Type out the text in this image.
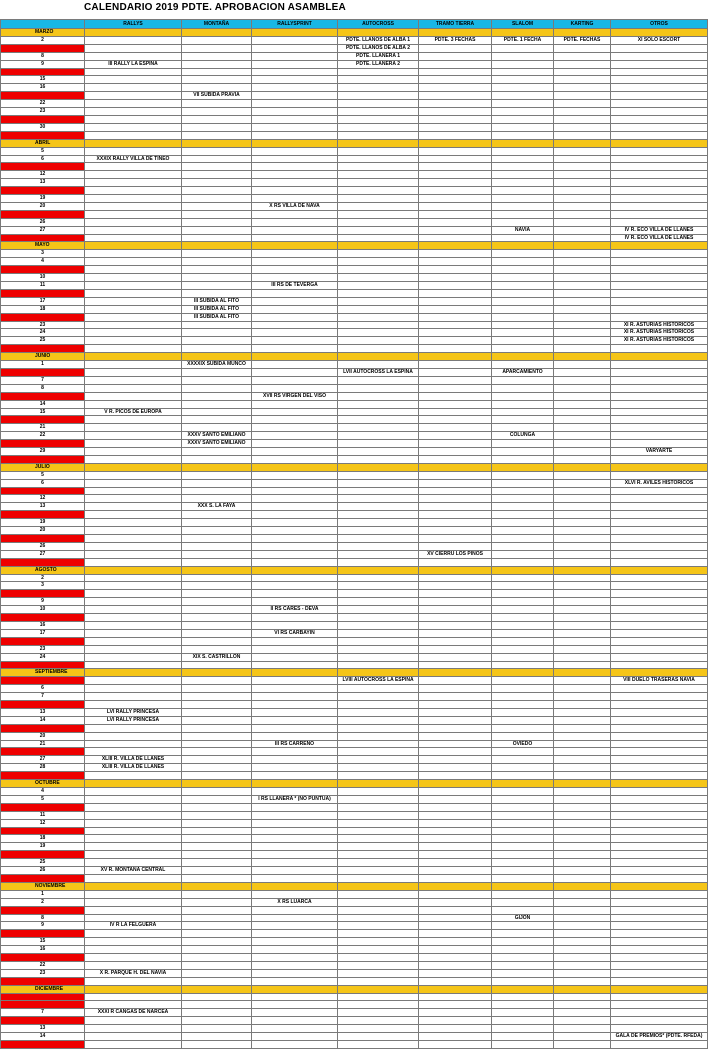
CALENDARIO 2019 PDTE. APROBACION ASAMBLEA
	RALLYS	MONTAÑA	RALLYSPRINT	AUTOCROSS	TRAMO TIERRA	SLALOM	KARTING	OTROS
MARZO								
2				PDTE. LLANOS DE ALBA 1	PDTE. 3 FECHAS	PDTE. 1 FECHA	PDTE. FECHAS	XI SOLO ESCORT
3				PDTE. LLANOS DE ALBA 2				
8				PDTE. LLANERA 1				
9	III RALLY LA ESPINA			PDTE. LLANERA 2				
10								
15								
16								
17		VII SUBIDA PRAVIA						
22								
23								
24								
30								
31								
ABRIL								
5								
6	XXXIX RALLY VILLA DE TINEO							
7								
12								
13								
14								
19								
20			X RS VILLA DE NAVA					
21								
26								
27						NAVIA		IV R. ECO VILLA DE LLANES
28								IV R. ECO VILLA DE LLANES
MAYO								
3								
4								
5								
10								
11			III RS DE TEVERGA					
12								
17		III SUBIDA AL FITO						
18		III SUBIDA AL FITO						
19		III SUBIDA AL FITO						
23								XI R. ASTURIAS HISTORICOS
24								XI R. ASTURIAS HISTORICOS
25								XI R. ASTURIAS HISTORICOS
26								
JUNIO								
1		XXXXIX SUBIDA MUNCO						
2				LVII AUTOCROSS LA ESPINA		APARCAMIENTO		
7								
8								
9			XVII RS VIRGEN DEL VISO					
14								
15	V R. PICOS DE EUROPA							
16								
21								
22		XXXV SANTO EMILIANO				COLUNGA		
23		XXXV SANTO EMILIANO						
29								VARYARTE
30								
JULIO								
5								
6								XLVI R. AVILES HISTORICOS
7								
12								
13		XXX S. LA FAYA						
14								
19								
20								
21								
26								
27					XV CIERRU LOS PINOS			
28								
AGOSTO								
2								
3								
4								
9								
10			II RS CARES - DEVA					
11								
16								
17			VI RS CARBAYIN					
18								
23								
24		XIX S. CASTRILLON						
25								
SEPTIEMBRE								
1				LVIII AUTOCROSS LA ESPINA				VIII DUELO TRASERAS NAVIA
6								
7								
8								
13	LVI RALLY PRINCESA							
14	LVI RALLY PRINCESA							
15								
20								
21			III RS CARREÑO			OVIEDO		
22								
27	XLIII R. VILLA DE LLANES							
28	XLIII R. VILLA DE LLANES							
29								
OCTUBRE								
4								
5			I RS LLANERA * (NO PUNTUA)					
6								
11								
12								
13								
18								
19								
20								
25								
26	XV R. MONTAÑA CENTRAL							
27								
NOVIEMBRE								
1								
2			X RS LUARCA					
3								
8						GIJON		
9	IV R LA FELGUERA							
10								
15								
16								
17								
22								
23	X R. PARQUE H. DEL NAVIA							
24								
DICIEMBRE								
1								
6								
7	XXXI R CANGAS DE NARCEA							
8								
13								
14								GALA DE PREMIOS* (PDTE. RFEDA)
15								
